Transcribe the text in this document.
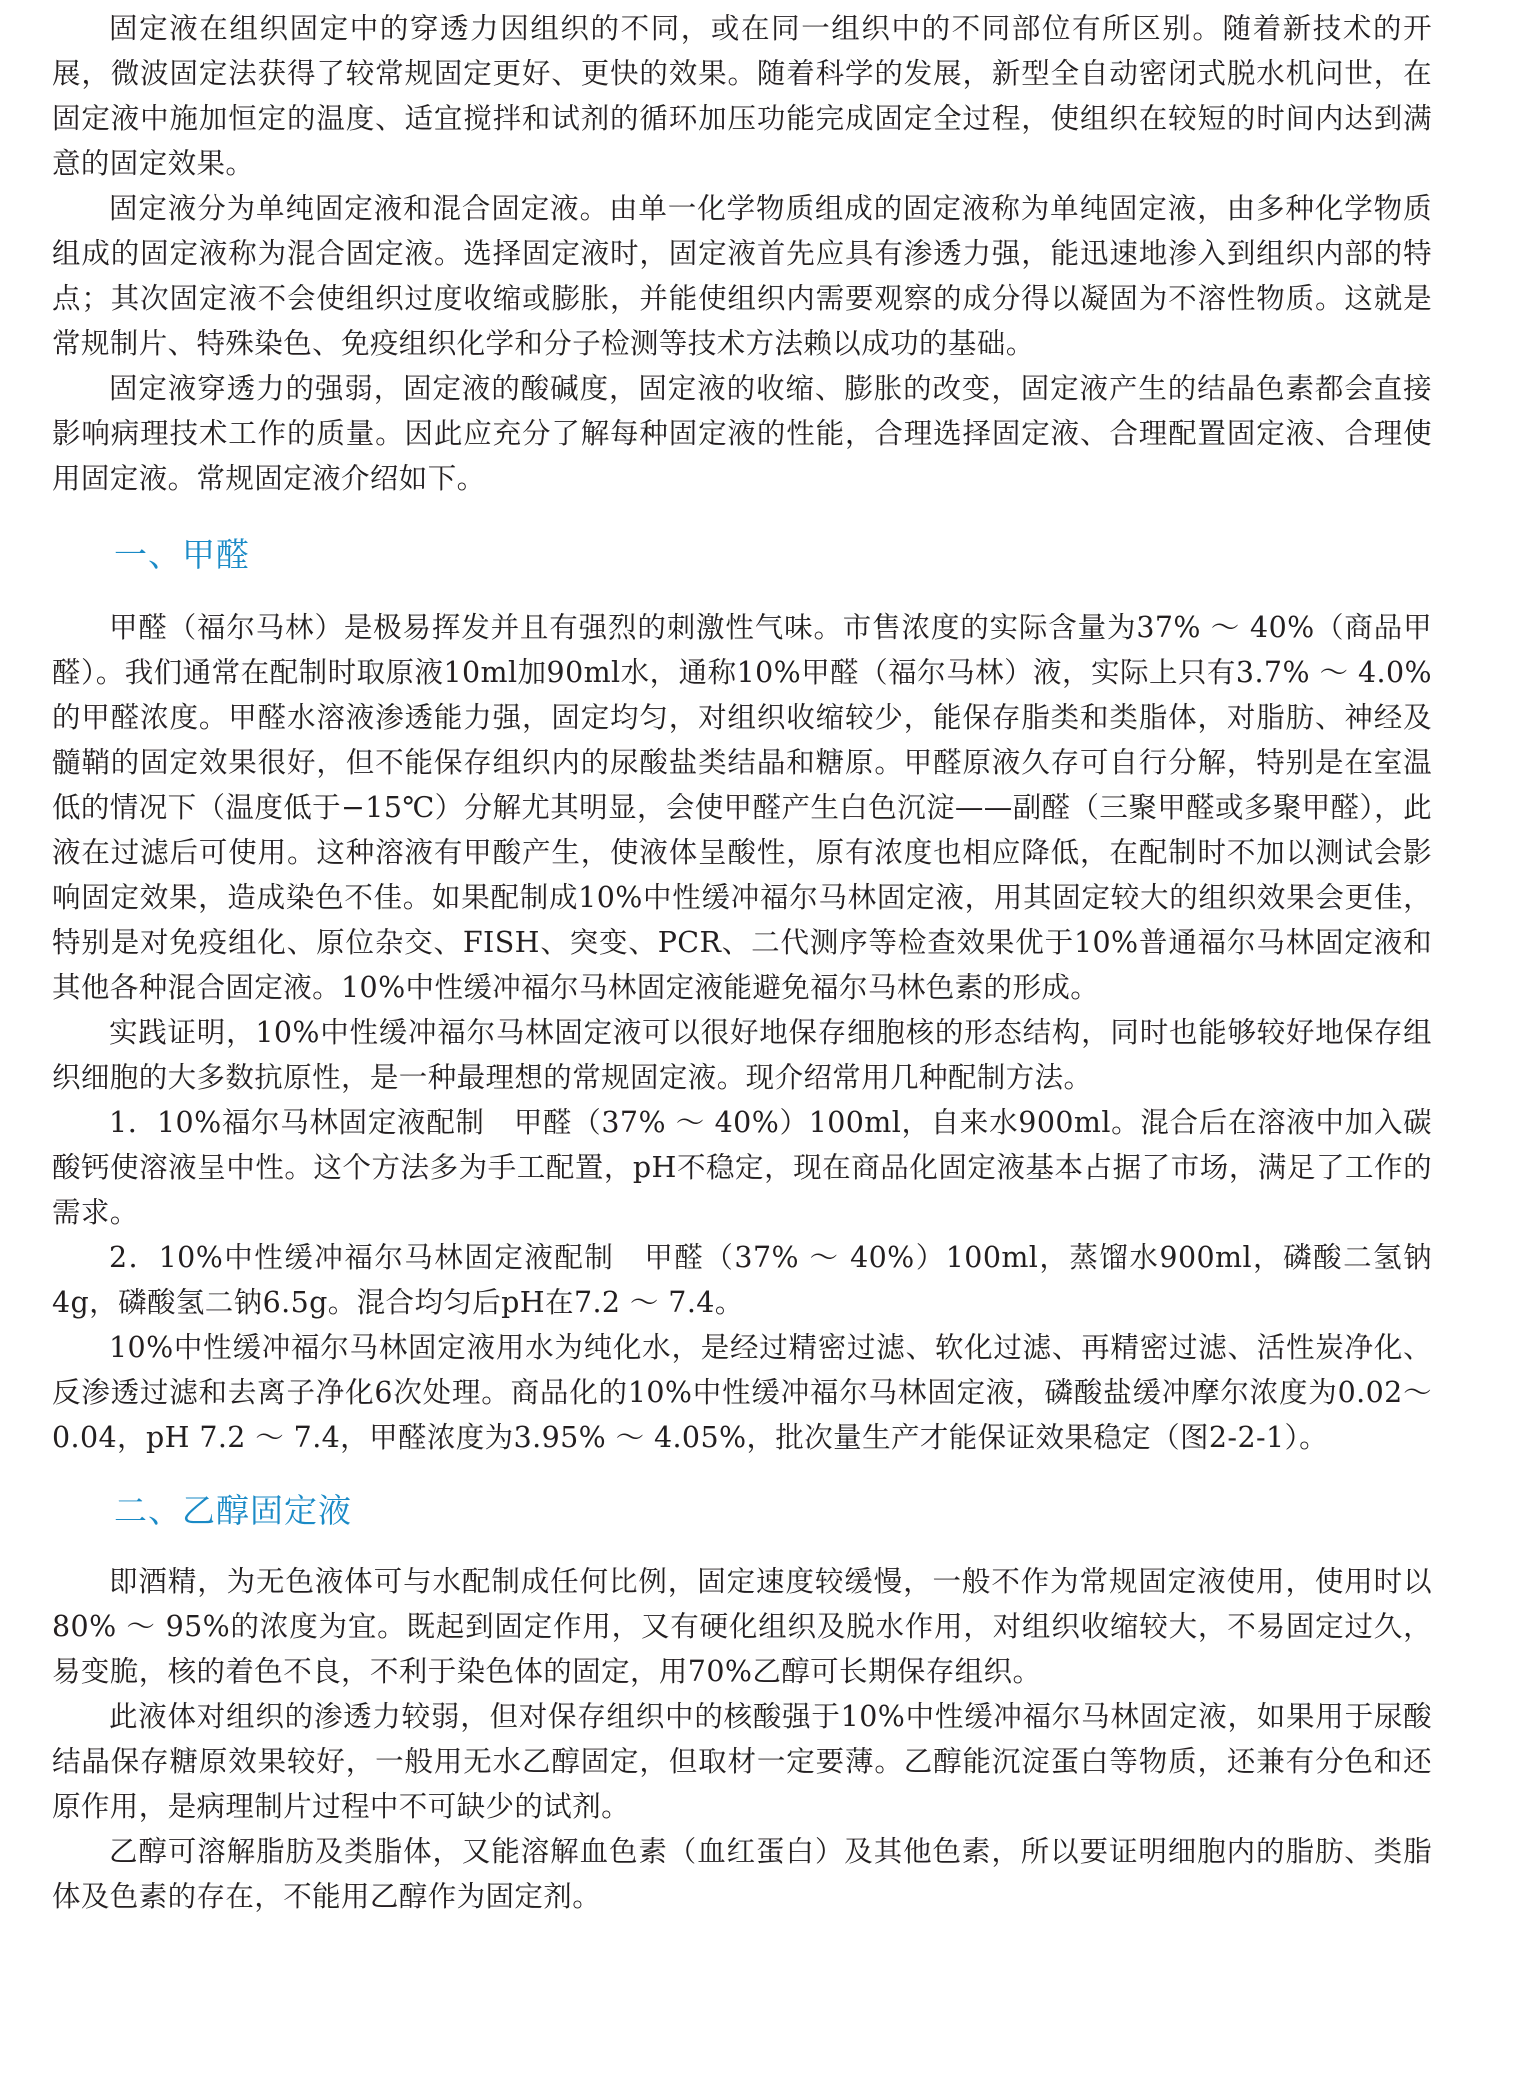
固定液在组织固定中的穿透力因组织的不同，或在同一组织中的不同部位有所区别。随着新技术的开展，微波固定法获得了较常规固定更好、更快的效果。随着科学的发展，新型全自动密闭式脱水机问世，在固定液中施加恒定的温度、适宜搅拌和试剂的循环加压功能完成固定全过程，使组织在较短的时间内达到满意的固定效果。

固定液分为单纯固定液和混合固定液。由单一化学物质组成的固定液称为单纯固定液，由多种化学物质组成的固定液称为混合固定液。选择固定液时，固定液首先应具有渗透力强，能迅速地渗入到组织内部的特点；其次固定液不会使组织过度收缩或膨胀，并能使组织内需要观察的成分得以凝固为不溶性物质。这就是常规制片、特殊染色、免疫组织化学和分子检测等技术方法赖以成功的基础。

固定液穿透力的强弱，固定液的酸碱度，固定液的收缩、膨胀的改变，固定液产生的结晶色素都会直接影响病理技术工作的质量。因此应充分了解每种固定液的性能，合理选择固定液、合理配置固定液、合理使用固定液。常规固定液介绍如下。

一、甲醛

甲醛（福尔马林）是极易挥发并且有强烈的刺激性气味。市售浓度的实际含量为37% ～ 40%（商品甲醛）。我们通常在配制时取原液10ml加90ml水，通称10%甲醛（福尔马林）液，实际上只有3.7% ～ 4.0%的甲醛浓度。甲醛水溶液渗透能力强，固定均匀，对组织收缩较少，能保存脂类和类脂体，对脂肪、神经及髓鞘的固定效果很好，但不能保存组织内的尿酸盐类结晶和糖原。甲醛原液久存可自行分解，特别是在室温低的情况下（温度低于−15℃）分解尤其明显，会使甲醛产生白色沉淀——副醛（三聚甲醛或多聚甲醛），此液在过滤后可使用。这种溶液有甲酸产生，使液体呈酸性，原有浓度也相应降低，在配制时不加以测试会影响固定效果，造成染色不佳。如果配制成10%中性缓冲福尔马林固定液，用其固定较大的组织效果会更佳，特别是对免疫组化、原位杂交、FISH、突变、PCR、二代测序等检查效果优于10%普通福尔马林固定液和其他各种混合固定液。10%中性缓冲福尔马林固定液能避免福尔马林色素的形成。

实践证明，10%中性缓冲福尔马林固定液可以很好地保存细胞核的形态结构，同时也能够较好地保存组织细胞的大多数抗原性，是一种最理想的常规固定液。现介绍常用几种配制方法。

1．10%福尔马林固定液配制　甲醛（37% ～ 40%）100ml，自来水900ml。混合后在溶液中加入碳酸钙使溶液呈中性。这个方法多为手工配置，pH不稳定，现在商品化固定液基本占据了市场，满足了工作的需求。

2．10%中性缓冲福尔马林固定液配制　甲醛（37% ～ 40%）100ml，蒸馏水900ml，磷酸二氢钠4g，磷酸氢二钠6.5g。混合均匀后pH在7.2 ～ 7.4。

10%中性缓冲福尔马林固定液用水为纯化水，是经过精密过滤、软化过滤、再精密过滤、活性炭净化、反渗透过滤和去离子净化6次处理。商品化的10%中性缓冲福尔马林固定液，磷酸盐缓冲摩尔浓度为0.02～ 0.04，pH 7.2 ～ 7.4，甲醛浓度为3.95% ～ 4.05%，批次量生产才能保证效果稳定（图2-2-1）。

二、乙醇固定液

即酒精，为无色液体可与水配制成任何比例，固定速度较缓慢，一般不作为常规固定液使用，使用时以80% ～ 95%的浓度为宜。既起到固定作用，又有硬化组织及脱水作用，对组织收缩较大，不易固定过久，易变脆，核的着色不良，不利于染色体的固定，用70%乙醇可长期保存组织。

此液体对组织的渗透力较弱，但对保存组织中的核酸强于10%中性缓冲福尔马林固定液，如果用于尿酸结晶保存糖原效果较好，一般用无水乙醇固定，但取材一定要薄。乙醇能沉淀蛋白等物质，还兼有分色和还原作用，是病理制片过程中不可缺少的试剂。

乙醇可溶解脂肪及类脂体，又能溶解血色素（血红蛋白）及其他色素，所以要证明细胞内的脂肪、类脂体及色素的存在，不能用乙醇作为固定剂。
